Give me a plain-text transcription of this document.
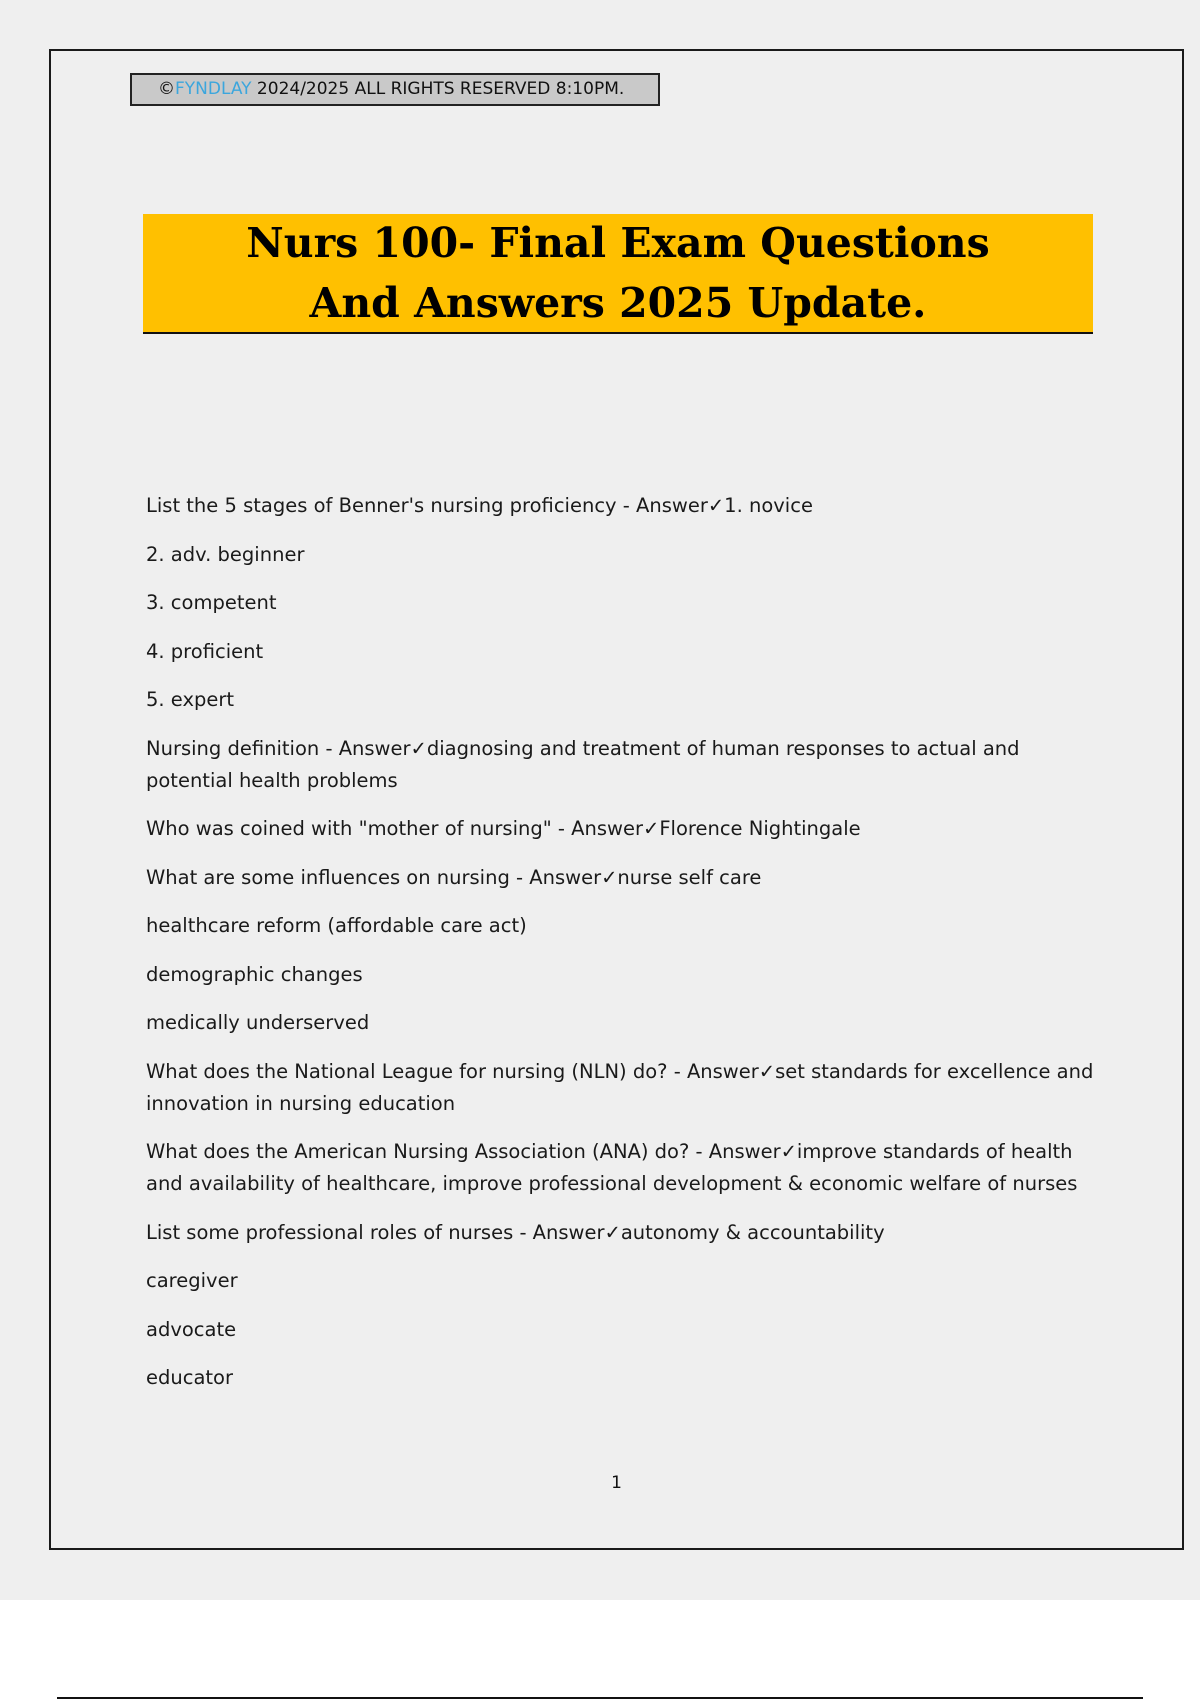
©FYNDLAY 2024/2025 ALL RIGHTS RESERVED 8:10PM.
Nurs 100- Final Exam Questions And Answers 2025 Update.

List the 5 stages of Benner's nursing proficiency - Answer✓1. novice

2. adv. beginner

3. competent

4. proficient

5. expert

Nursing definition - Answer✓diagnosing and treatment of human responses to actual and potential health problems

Who was coined with "mother of nursing" - Answer✓Florence Nightingale

What are some influences on nursing - Answer✓nurse self care

healthcare reform (affordable care act)

demographic changes

medically underserved

What does the National League for nursing (NLN) do? - Answer✓set standards for excellence and innovation in nursing education

What does the American Nursing Association (ANA) do? - Answer✓improve standards of health and availability of healthcare, improve professional development & economic welfare of nurses

List some professional roles of nurses - Answer✓autonomy & accountability

caregiver

advocate

educator

1
